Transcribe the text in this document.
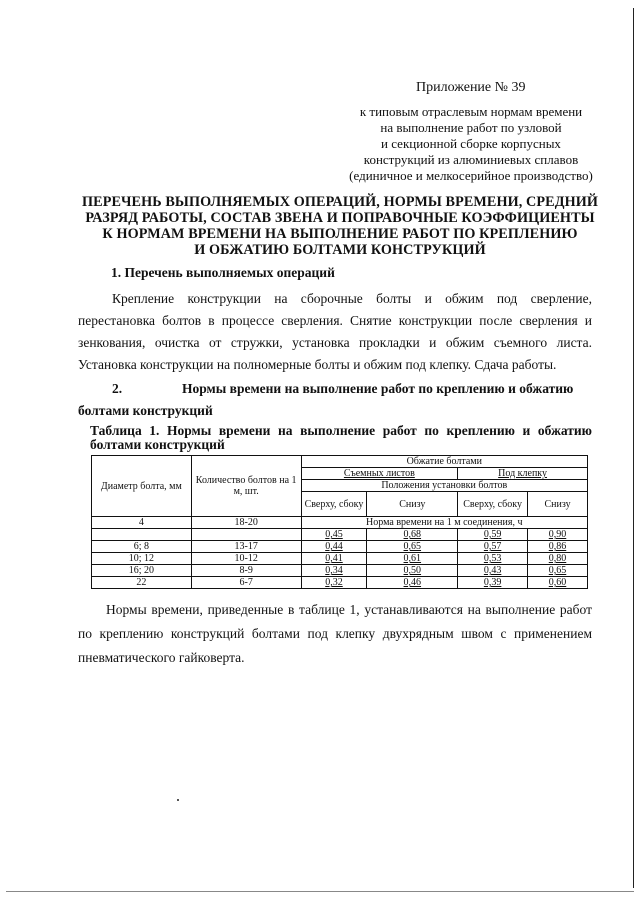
Приложение № 39
к типовым отраслевым нормам времени
на выполнение работ по узловой
и секционной сборке корпусных
конструкций из алюминиевых сплавов
(единичное и мелкосерийное производство)
ПЕРЕЧЕНЬ ВЫПОЛНЯЕМЫХ ОПЕРАЦИЙ, НОРМЫ ВРЕМЕНИ, СРЕДНИЙ
РАЗРЯД РАБОТЫ, СОСТАВ ЗВЕНА И ПОПРАВОЧНЫЕ КОЭФФИЦИЕНТЫ
К НОРМАМ ВРЕМЕНИ НА ВЫПОЛНЕНИЕ РАБОТ ПО КРЕПЛЕНИЮ
И ОБЖАТИЮ БОЛТАМИ КОНСТРУКЦИЙ
1. Перечень выполняемых операций
Крепление конструкции на сборочные болты и обжим под сверление, перестановка болтов в процессе сверления. Снятие конструкции после сверления и зенкования, очистка от стружки, установка прокладки и обжим съемного листа. Установка конструкции на полномерные болты и обжим под клепку. Сдача работы.
2.	Нормы времени на выполнение работ по креплению и обжатию болтами конструкций
Таблица 1. Нормы времени на выполнение работ по креплению и обжатию болтами конструкций
Диаметр болта, мм	Количество болтов на 1 м, шт.	Обжатие болтами			
		Съемных листов		Под клепку	
		Положения установки болтов			
		Сверху, сбоку	Снизу	Сверху, сбоку	Снизу
4	18-20	Норма времени на 1 м соединения, ч			
		0,45	0,68	0,59	0,90
6; 8	13-17	0,44	0,65	0,57	0,86
10; 12	10-12	0,41	0,61	0,53	0,80
16; 20	8-9	0,34	0,50	0,43	0,65
22	6-7	0,32	0,46	0,39	0,60
Нормы времени, приведенные в таблице 1, устанавливаются на выполнение работ по креплению конструкций болтами под клепку двухрядным швом с применением пневматического гайковерта.
